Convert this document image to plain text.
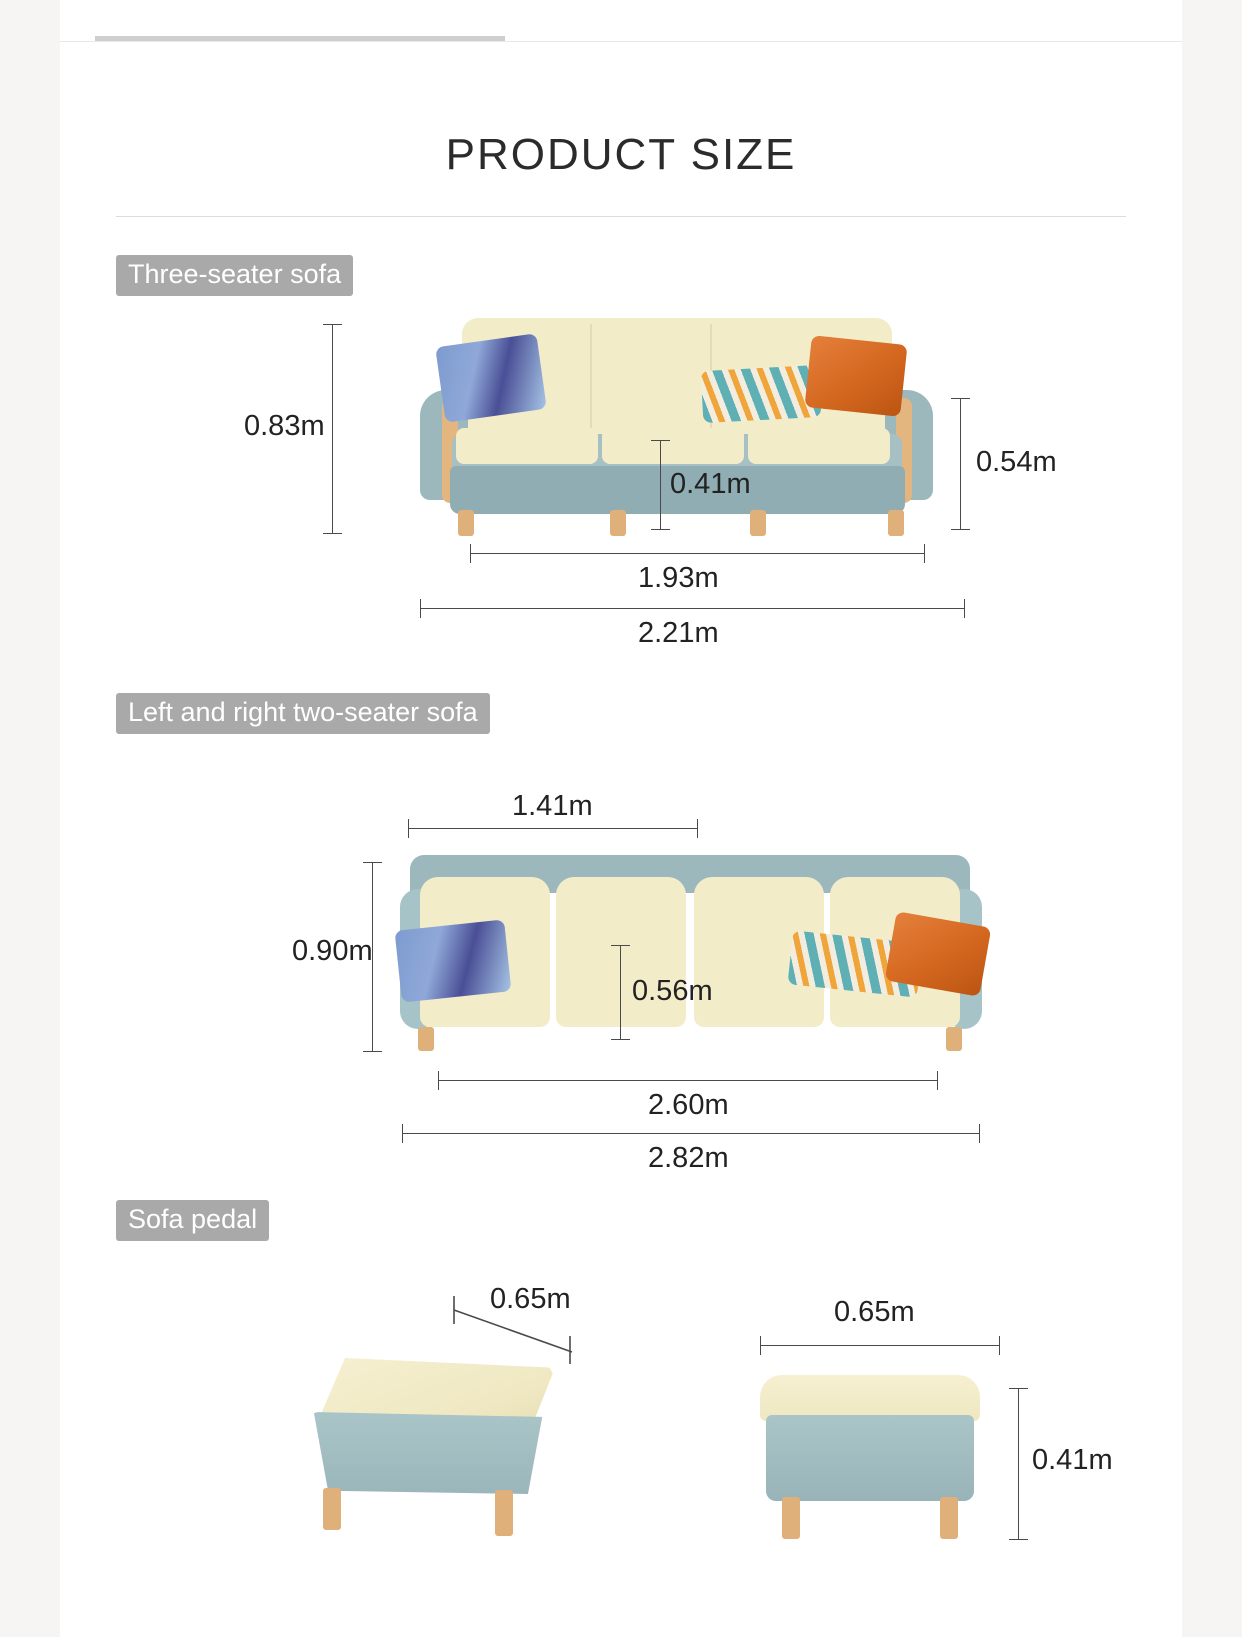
PRODUCT SIZE
Three-seater sofa
0.83m
0.54m
0.41m
1.93m
2.21m
Left and right two-seater sofa
1.41m
0.90m
0.56m
2.60m
2.82m
Sofa pedal
0.65m	0.65m
0.41m
